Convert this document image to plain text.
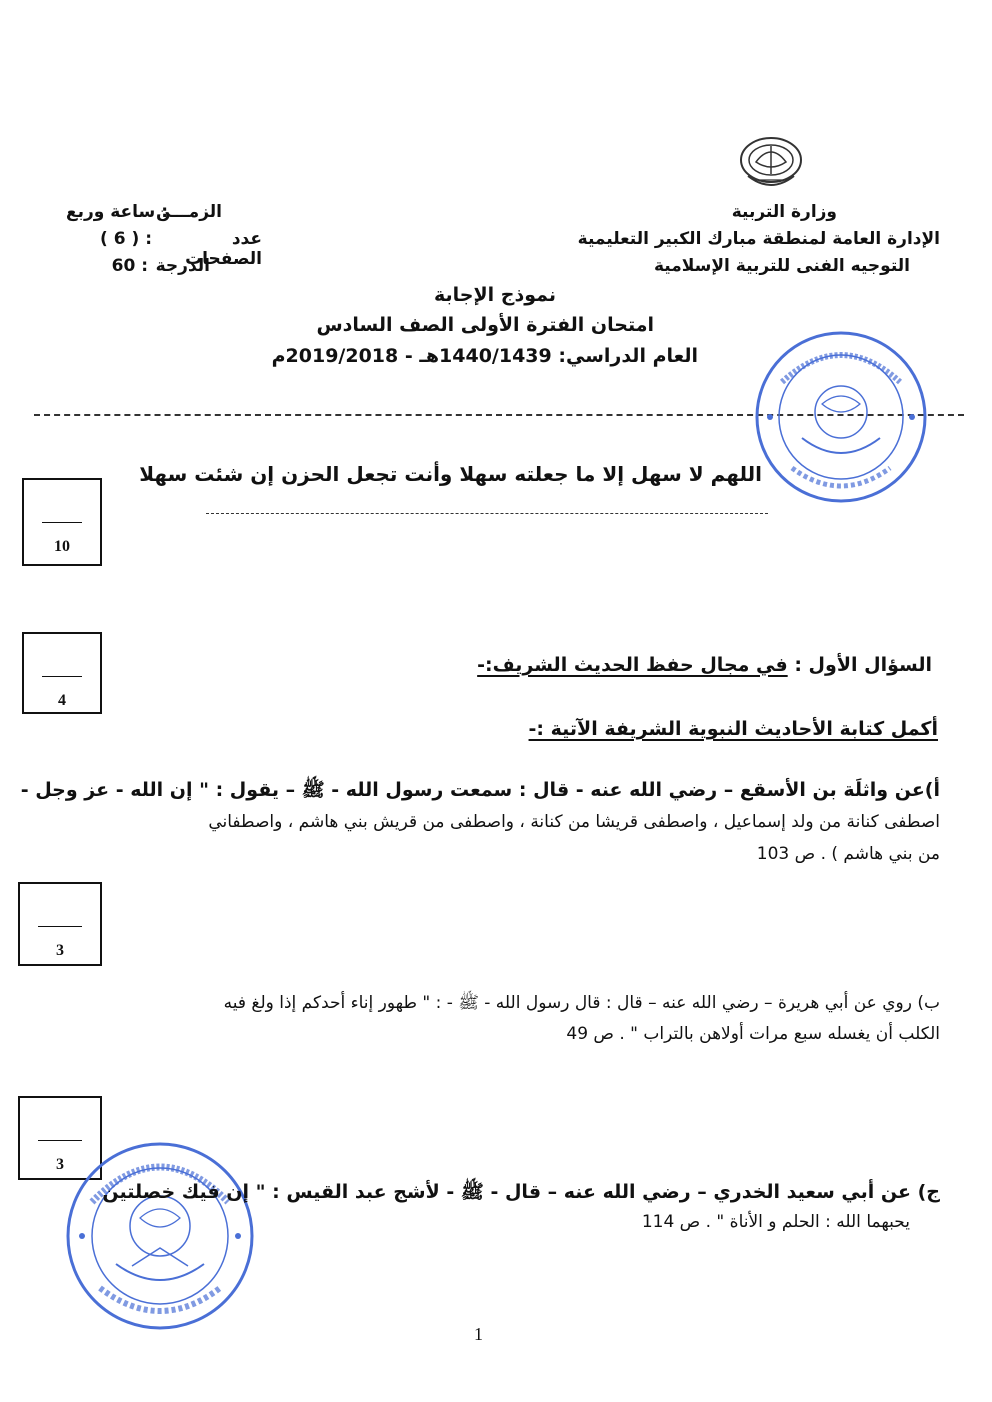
وزارة التربية
الإدارة العامة لمنطقة مبارك الكبير التعليمية
التوجيه الفنى للتربية الإسلامية
الزمـــن
: ساعة وربع
عدد الصفحات
: ( 6 )
الدرجة
: 60
نموذج الإجابة
امتحان الفترة الأولى الصف السادس
العام الدراسي: 1440/1439هـ - 2019/2018م
اللهم لا سهل إلا ما جعلته سهلا وأنت تجعل الحزن إن شئت سهلا
10
4
3
3
السؤال الأول : في مجال حفظ الحديث الشريف:-
أكمل كتابة الأحاديث النبوية الشريفة الآتية :-
أ)عن واثلَة بن الأسقع – رضي الله عنه - قال : سمعت رسول الله - ﷺ – يقول : " إن الله - عز وجل -
اصطفى كنانة من ولد إسماعيل ، واصطفى قريشا من كنانة ، واصطفى من قريش بني هاشم ، واصطفاني
من بني هاشم ) . ص 103
ب) روي عن أبي هريرة – رضي الله عنه – قال : قال رسول الله - ﷺ - : " طهور إناء أحدكم إذا ولغ فيه
الكلب أن يغسله سبع مرات أولاهن بالتراب " . ص 49
ج) عن أبي سعيد الخدري – رضي الله عنه – قال - ﷺ - لأشج عبد القيس : " إن فيك خصلتين
يحبهما الله : الحلم و الأناة " . ص 114
1
